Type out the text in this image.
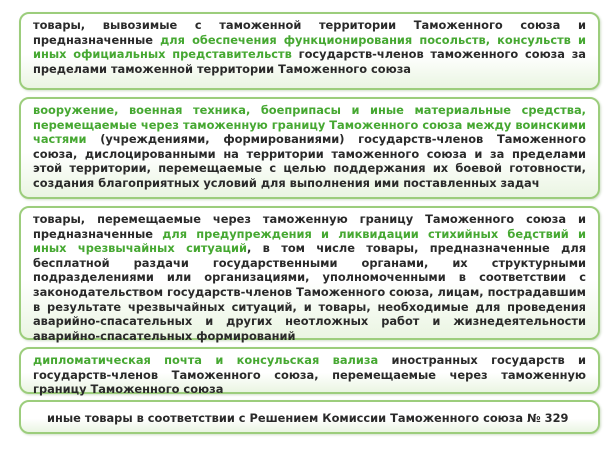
товары, вывозимые с таможенной территории Таможенного союза и предназначенные для обеспечения функционирования посольств, консульств и иных официальных представительств государств-членов таможенного союза за пределами таможенной территории Таможенного союза
вооружение, военная техника, боеприпасы и иные материальные средства, перемещаемые через таможенную границу Таможенного союза между воинскими частями (учреждениями, формированиями) государств-членов Таможенного союза, дислоцированными на территории таможенного союза и за пределами этой территории, перемещаемые с целью поддержания их боевой готовности, создания благоприятных условий для выполнения ими поставленных задач
товары, перемещаемые через таможенную границу Таможенного союза и предназначенные для предупреждения и ликвидации стихийных бедствий и иных чрезвычайных ситуаций, в том числе товары, предназначенные для бесплатной раздачи государственными органами, их структурными подразделениями или организациями, уполномоченными в соответствии с законодательством государств-членов Таможенного союза, лицам, пострадавшим в результате чрезвычайных ситуаций, и товары, необходимые для проведения аварийно-спасательных и других неотложных работ и жизнедеятельности аварийно-спасательных формирований
дипломатическая почта и консульская вализа иностранных государств и государств-членов Таможенного союза, перемещаемые через таможенную границу Таможенного союза
иные товары в соответствии с Решением Комиссии Таможенного союза № 329
